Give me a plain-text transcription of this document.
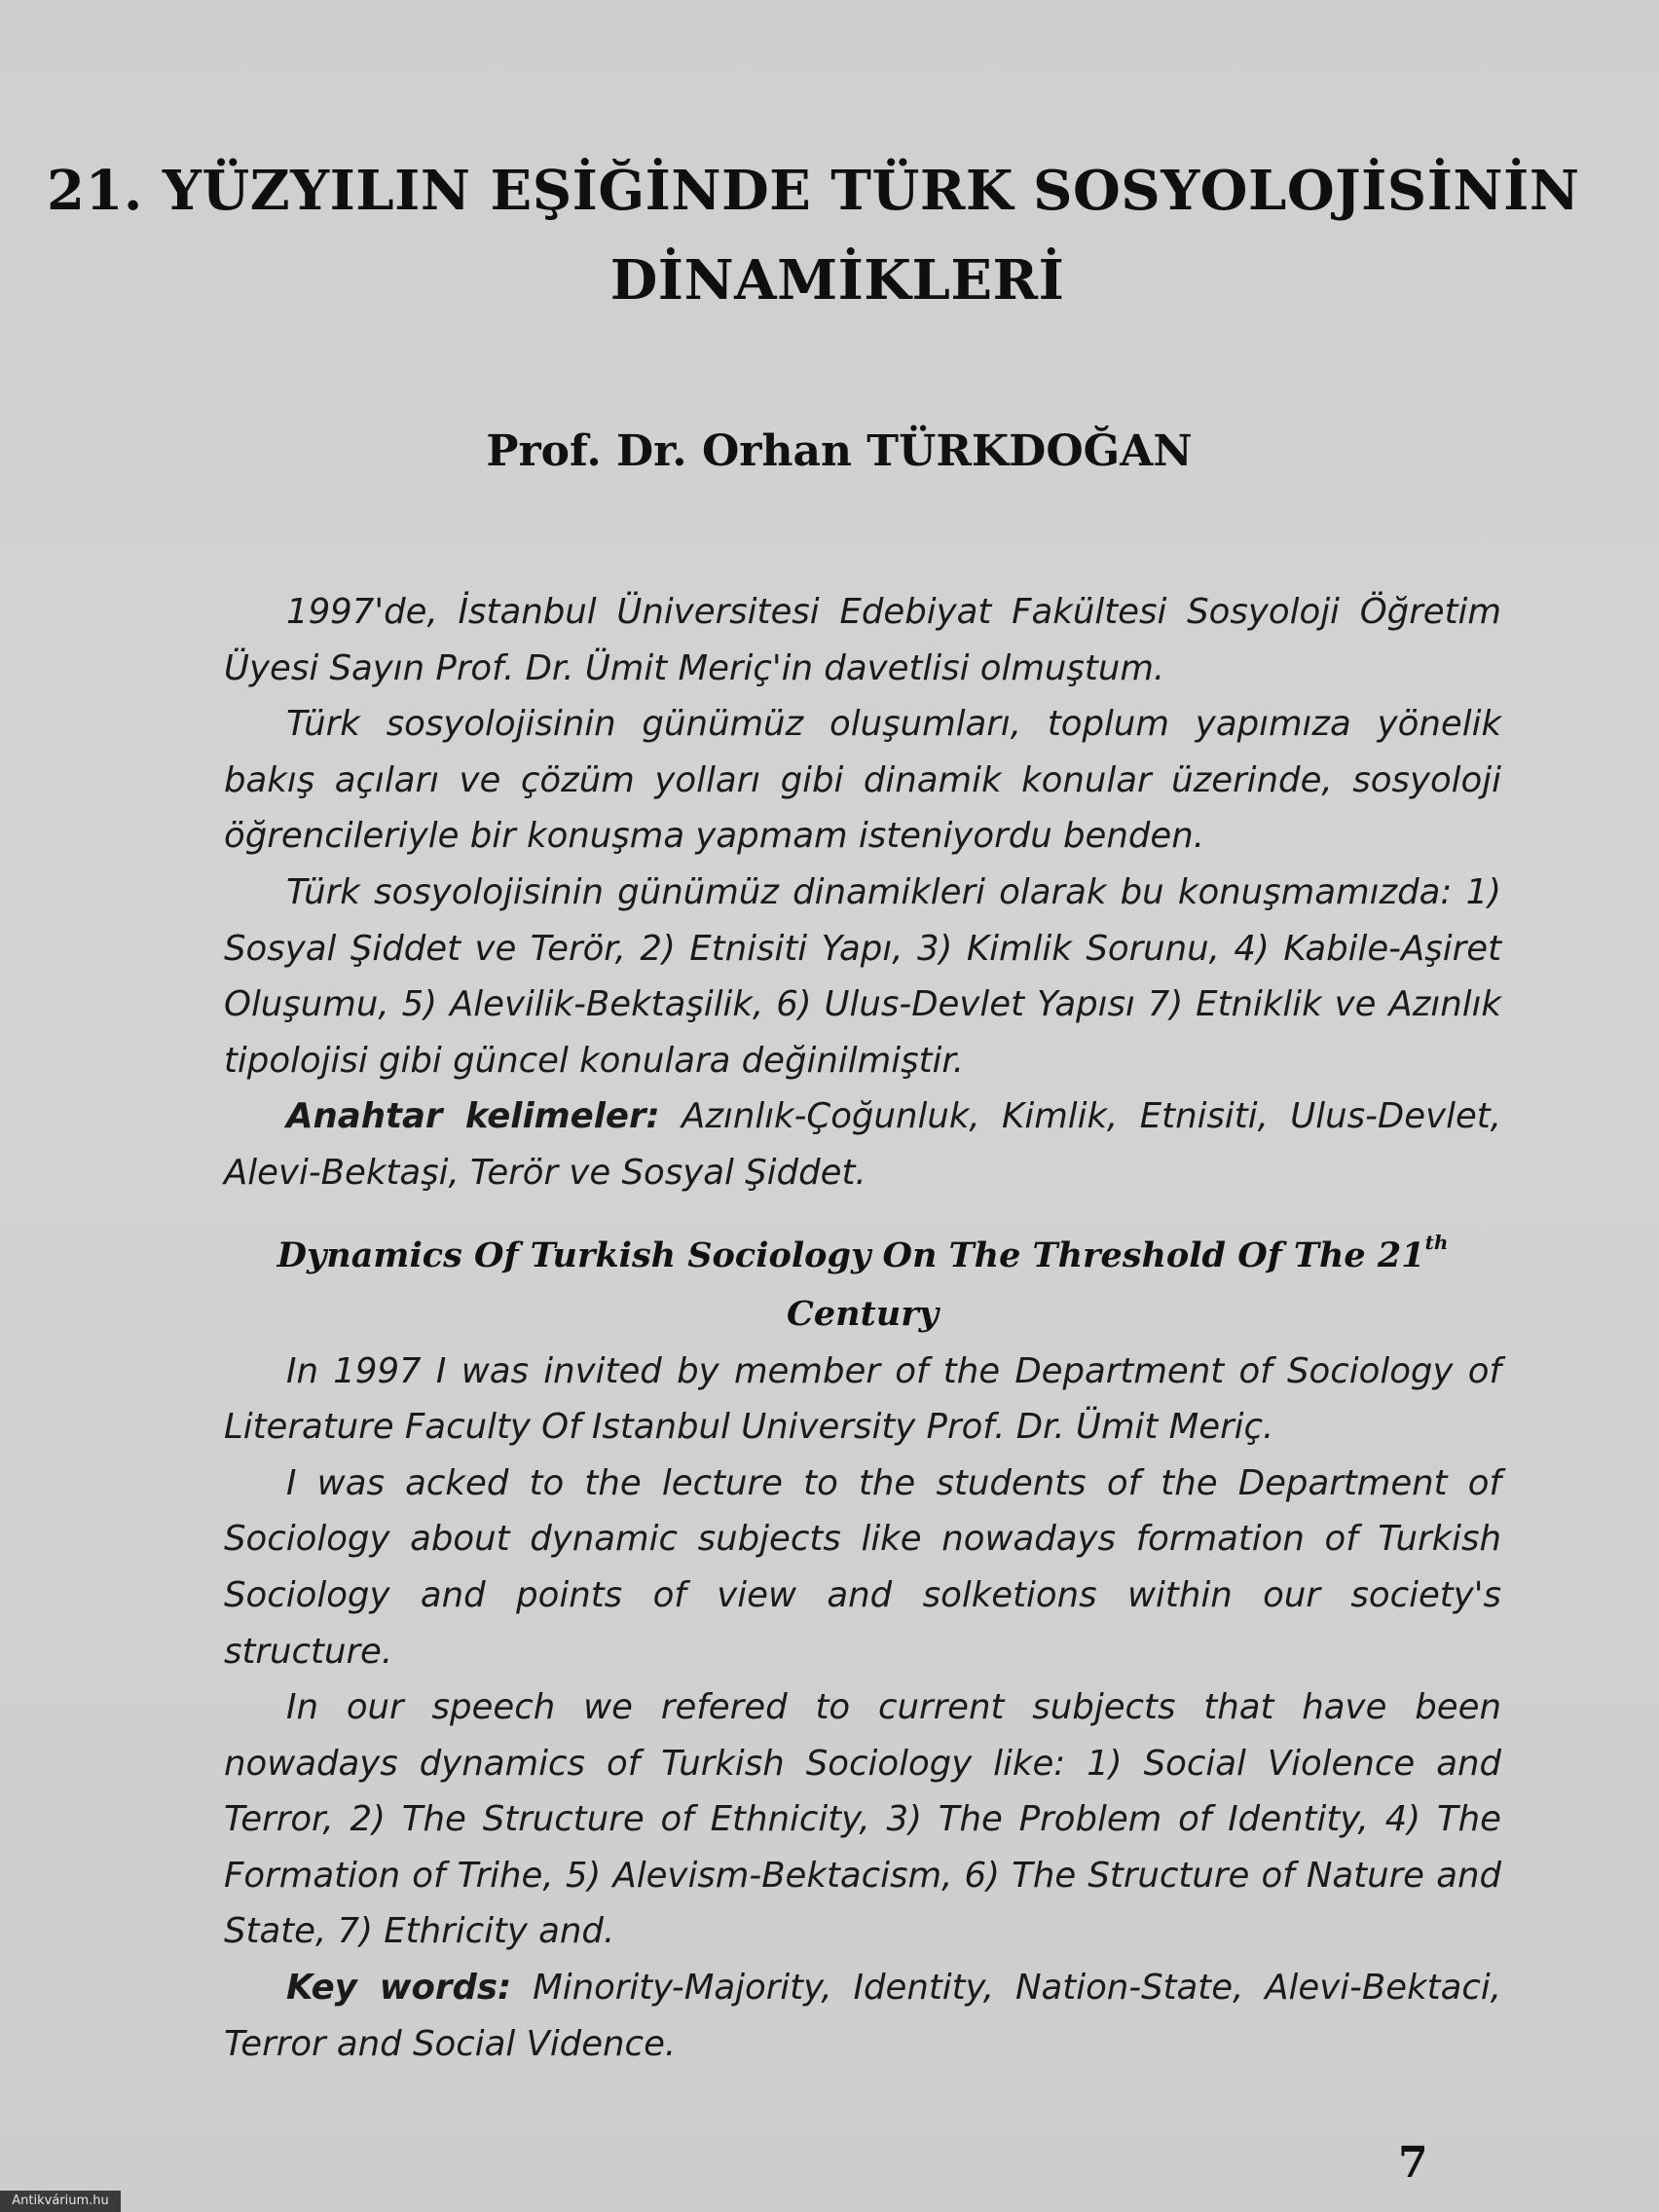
21. YÜZYILIN EŞİĞİNDE TÜRK SOSYOLOJİSİNİN
DİNAMİKLERİ
Prof. Dr. Orhan TÜRKDOĞAN

1997'de, İstanbul Üniversitesi Edebiyat Fakültesi Sosyoloji Öğretim Üyesi Sayın Prof. Dr. Ümit Meriç'in davetlisi olmuştum.

Türk sosyolojisinin günümüz oluşumları, toplum yapımıza yönelik bakış açıları ve çözüm yolları gibi dinamik konular üzerinde, sosyoloji öğrencileriyle bir konuşma yapmam isteniyordu benden.

Türk sosyolojisinin günümüz dinamikleri olarak bu konuşmamızda: 1) Sosyal Şiddet ve Terör, 2) Etnisiti Yapı, 3) Kimlik Sorunu, 4) Kabile-Aşiret Oluşumu, 5) Alevilik-Bektaşilik, 6) Ulus-Devlet Yapısı 7) Etniklik ve Azınlık tipolojisi gibi güncel konulara değinilmiştir.

Anahtar kelimeler: Azınlık-Çoğunluk, Kimlik, Etnisiti, Ulus-Devlet, Alevi-Bektaşi, Terör ve Sosyal Şiddet.

Dynamics Of Turkish Sociology On The Threshold Of The 21th
Century

In 1997 I was invited by member of the Department of Sociology of Literature Faculty Of Istanbul University Prof. Dr. Ümit Meriç.

I was acked to the lecture to the students of the Department of Sociology about dynamic subjects like nowadays formation of Turkish Sociology and points of view and solketions within our society's structure.

In our speech we refered to current subjects that have been nowadays dynamics of Turkish Sociology like: 1) Social Violence and Terror, 2) The Structure of Ethnicity, 3) The Problem of Identity, 4) The Formation of Trihe, 5) Alevism-Bektacism, 6) The Structure of Nature and State, 7) Ethricity and.

Key words: Minority-Majority, Identity, Nation-State, Alevi-Bektaci, Terror and Social Vidence.

7
Antikvárium.hu
